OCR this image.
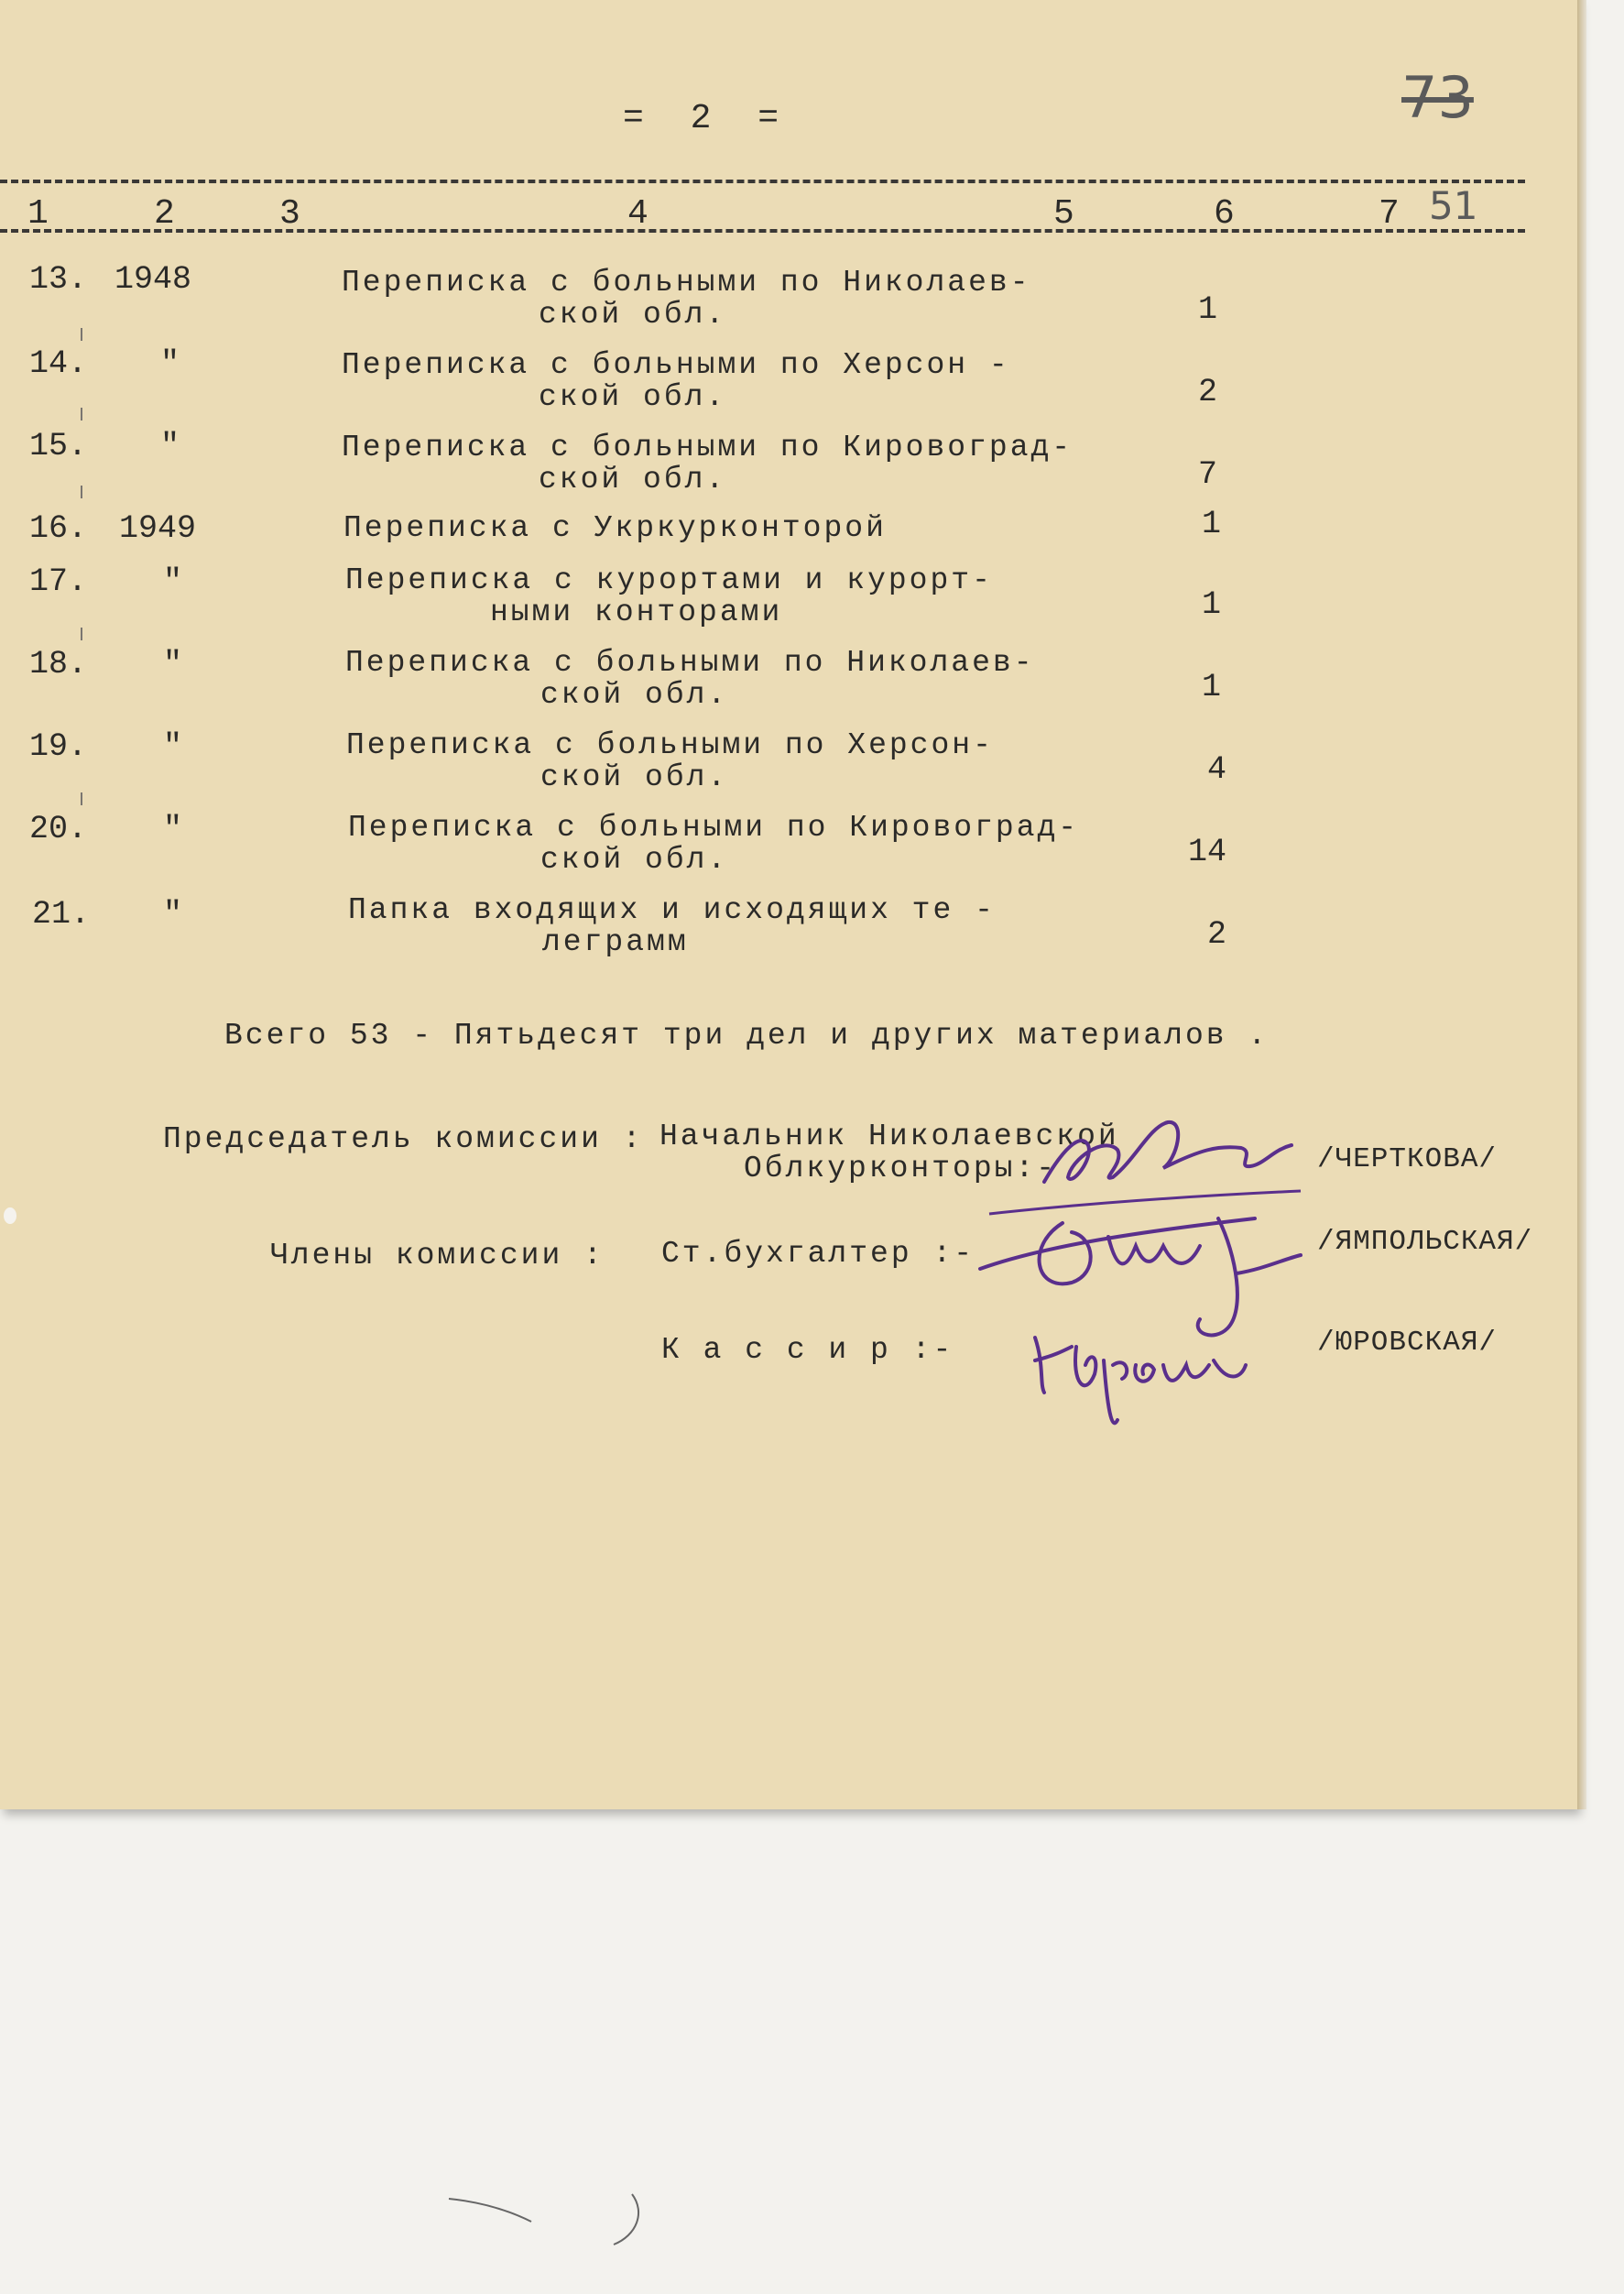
= 2 =	73
51
1	2	3	4	5	6	7
13. 1948	Переписка с больными по Николаев-
ской обл.	1
14. "	Переписка с больными по Херсон -
ской обл.	2
15. "	Переписка с больными по Кировоград-
ской обл.	7
16. 1949	Переписка с Укркурконторой	1
17. "	Переписка с курортами и курорт-
ными конторами	1
18. "	Переписка с больными по Николаев-
ской обл.	1
19. "	Переписка с больными по Херсон-
ской обл.	4
20. "	Переписка с больными по Кировоград-
ской обл.	14
21. "	Папка входящих и исходящих те -
леграмм	2
Всего 53 - Пятьдесят три дел и других материалов .
Председатель комиссии : Начальник Николаевской
Облкурконторы:-	/ЧЕРТКОВА/
Члены комиссии : Ст.бухгалтер :-	/ЯМПОЛЬСКАЯ/
К а с с и р :-	/ЮРОВСКАЯ/
